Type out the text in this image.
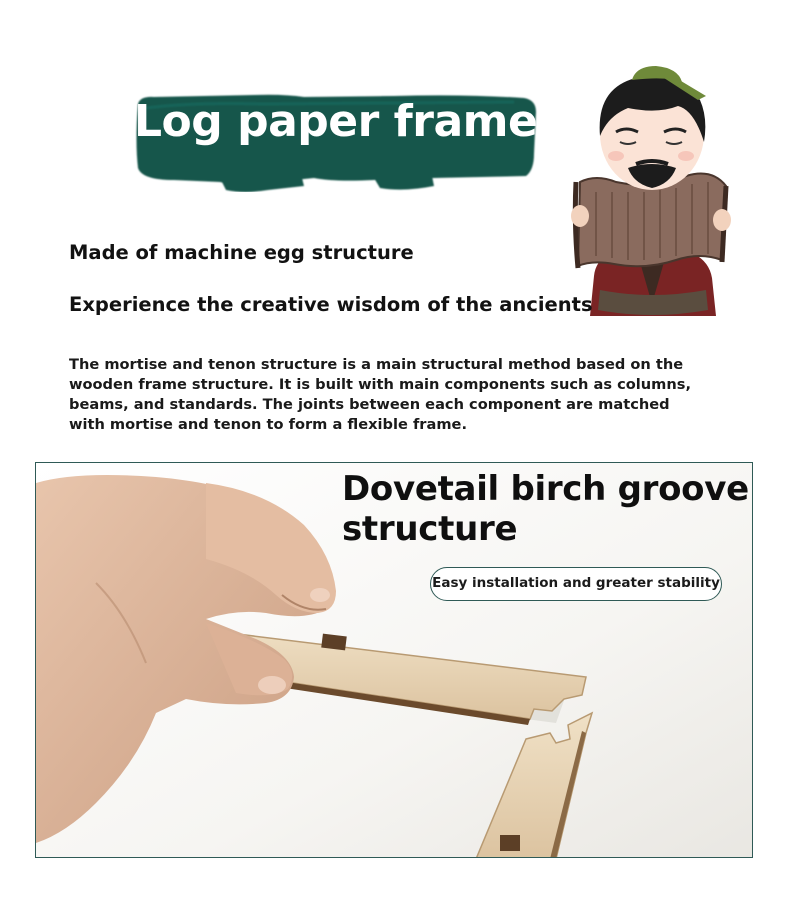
Log paper frame
Made of machine egg structure
Experience the creative wisdom of the ancients

The mortise and tenon structure is a main structural method based on the wooden frame structure. It is built with main components such as columns, beams, and standards. The joints between each component are matched with mortise and tenon to form a flexible frame.

Dovetail birch groove
structure
Easy installation and greater stability
